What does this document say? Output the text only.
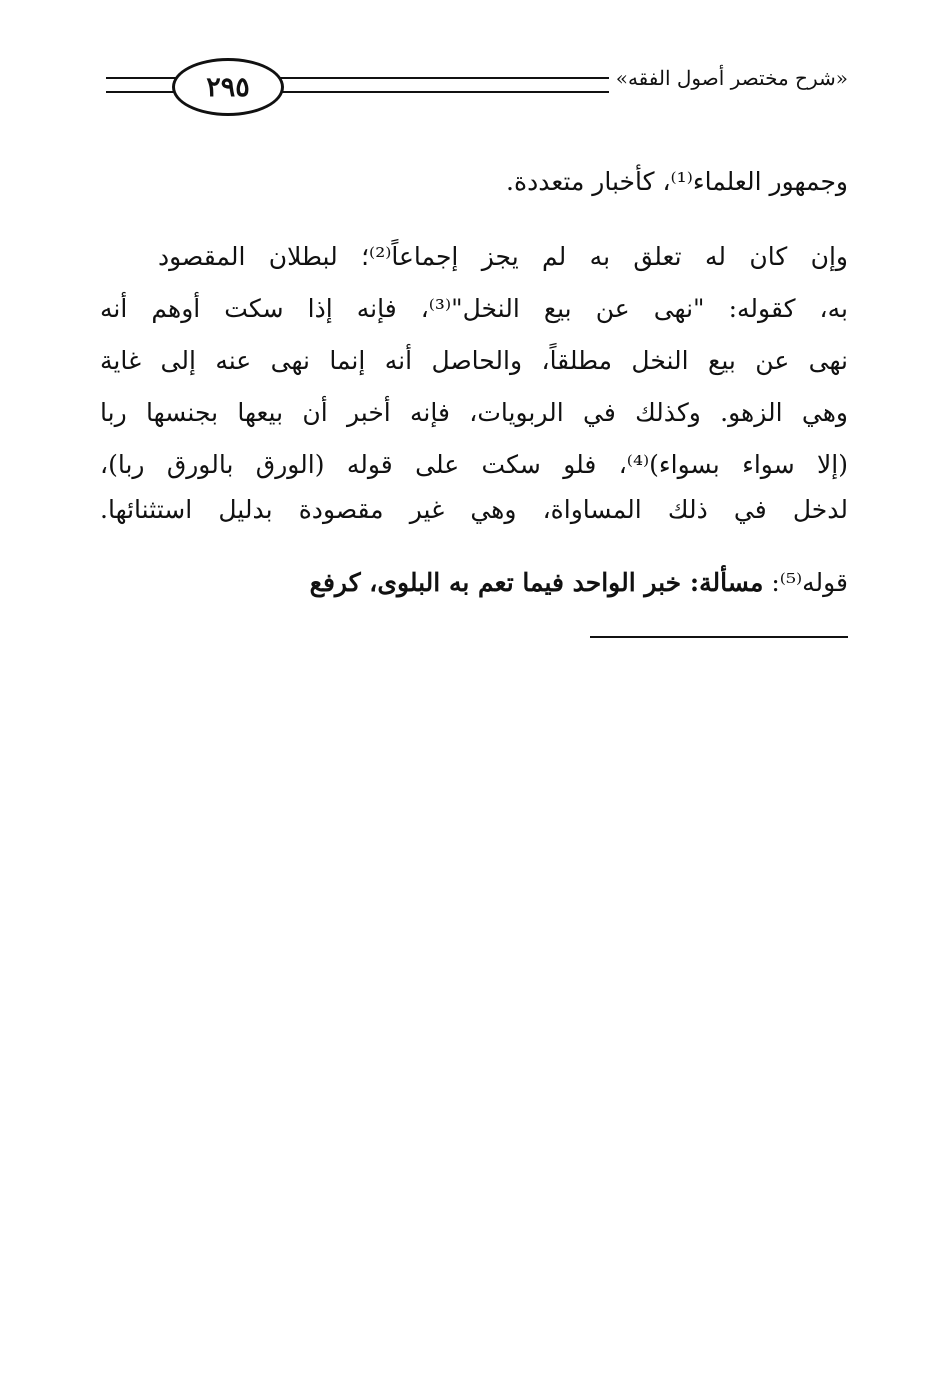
٢٩٥	«شرح مختصر أصول الفقه»
وجمهور العلماء⁽¹⁾، كأخبار متعددة.
وإن كان له تعلق به لم يجز إجماعاً⁽²⁾؛ لبطلان المقصود
به، كقوله: "نهى عن بيع النخل"⁽³⁾، فإنه إذا سكت أوهم أنه
نهى عن بيع النخل مطلقاً، والحاصل أنه إنما نهى عنه إلى غاية
وهي الزهو. وكذلك في الربويات، فإنه أخبر أن بيعها بجنسها ربا
(إلا سواء بسواء)⁽⁴⁾، فلو سكت على قوله (الورق بالورق ربا)،
لدخل في ذلك المساواة، وهي غير مقصودة بدليل استثنائها.
قوله⁽⁵⁾: مسألة: خبر الواحد فيما تعم به البلوى، كرفع
